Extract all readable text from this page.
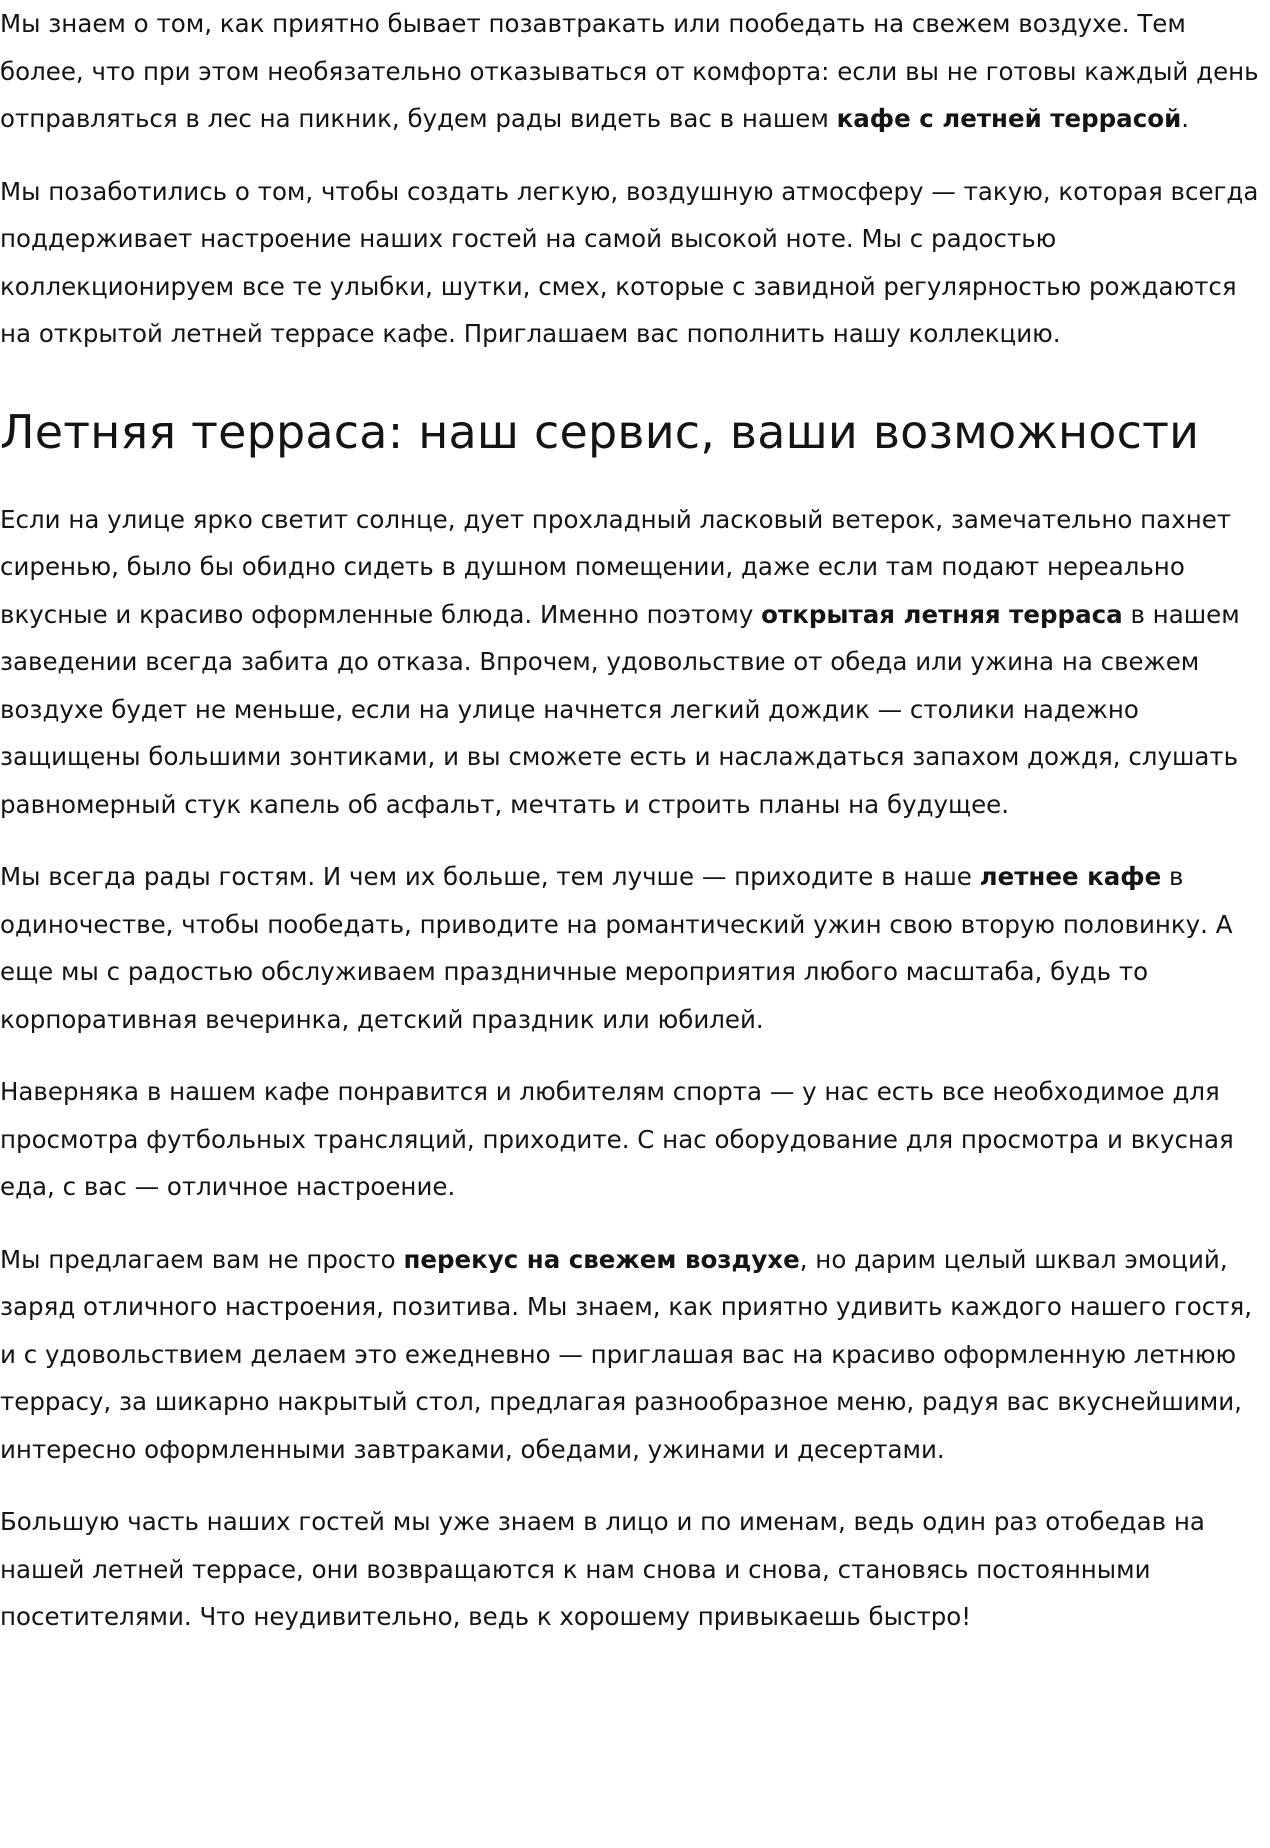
Мы знаем о том, как приятно бывает позавтракать или пообедать на свежем воздухе. Тем более, что при этом необязательно отказываться от комфорта: если вы не готовы каждый день отправляться в лес на пикник, будем рады видеть вас в нашем кафе с летней террасой.

Мы позаботились о том, чтобы создать легкую, воздушную атмосферу — такую, которая всегда поддерживает настроение наших гостей на самой высокой ноте. Мы с радостью коллекционируем все те улыбки, шутки, смех, которые с завидной регулярностью рождаются на открытой летней террасе кафе. Приглашаем вас пополнить нашу коллекцию.

Летняя терраса: наш сервис, ваши возможности

Если на улице ярко светит солнце, дует прохладный ласковый ветерок, замечательно пахнет сиренью, было бы обидно сидеть в душном помещении, даже если там подают нереально вкусные и красиво оформленные блюда. Именно поэтому открытая летняя терраса в нашем заведении всегда забита до отказа. Впрочем, удовольствие от обеда или ужина на свежем воздухе будет не меньше, если на улице начнется легкий дождик — столики надежно защищены большими зонтиками, и вы сможете есть и наслаждаться запахом дождя, слушать равномерный стук капель об асфальт, мечтать и строить планы на будущее.

Мы всегда рады гостям. И чем их больше, тем лучше — приходите в наше летнее кафе в одиночестве, чтобы пообедать, приводите на романтический ужин свою вторую половинку. А еще мы с радостью обслуживаем праздничные мероприятия любого масштаба, будь то корпоративная вечеринка, детский праздник или юбилей.

Наверняка в нашем кафе понравится и любителям спорта — у нас есть все необходимое для просмотра футбольных трансляций, приходите. С нас оборудование для просмотра и вкусная еда, с вас — отличное настроение.

Мы предлагаем вам не просто перекус на свежем воздухе, но дарим целый шквал эмоций, заряд отличного настроения, позитива. Мы знаем, как приятно удивить каждого нашего гостя, и с удовольствием делаем это ежедневно — приглашая вас на красиво оформленную летнюю террасу, за шикарно накрытый стол, предлагая разнообразное меню, радуя вас вкуснейшими, интересно оформленными завтраками, обедами, ужинами и десертами.

Большую часть наших гостей мы уже знаем в лицо и по именам, ведь один раз отобедав на нашей летней террасе, они возвращаются к нам снова и снова, становясь постоянными посетителями. Что неудивительно, ведь к хорошему привыкаешь быстро!
